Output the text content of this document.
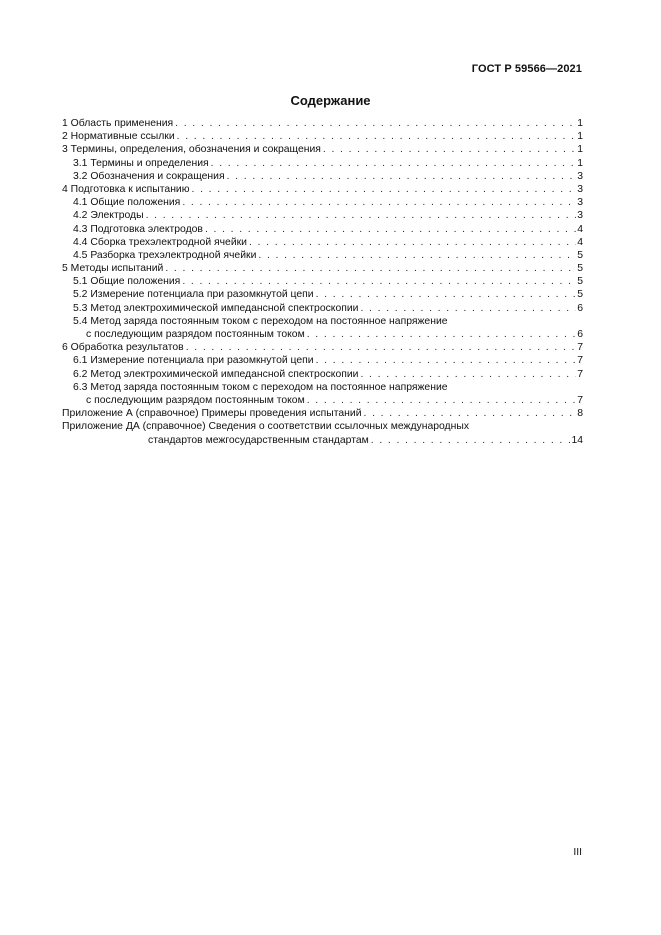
ГОСТ Р 59566—2021
Содержание
1 Область применения . . .	1
2 Нормативные ссылки . . .	1
3 Термины, определения, обозначения и сокращения . . .	1
3.1 Термины и определения . . .	1
3.2 Обозначения и сокращения . . .	3
4 Подготовка к испытанию . . .	3
4.1 Общие положения . . .	3
4.2 Электроды . . .	3
4.3 Подготовка электродов . . .	4
4.4 Сборка трехэлектродной ячейки . . .	4
4.5 Разборка трехэлектродной ячейки . . .	5
5 Методы испытаний . . .	5
5.1 Общие положения . . .	5
5.2 Измерение потенциала при разомкнутой цепи . . .	5
5.3 Метод электрохимической импедансной спектроскопии . . .	6
5.4 Метод заряда постоянным током с переходом на постоянное напряжение
с последующим разрядом постоянным током . . .	6
6 Обработка результатов . . .	7
6.1 Измерение потенциала при разомкнутой цепи . . .	7
6.2 Метод электрохимической импедансной спектроскопии . . .	7
6.3 Метод заряда постоянным током с переходом на постоянное напряжение
с последующим разрядом постоянным током . . .	7
Приложение А (справочное) Примеры проведения испытаний . . .	8
Приложение ДА (справочное) Сведения о соответствии ссылочных международных
стандартов межгосударственным стандартам . . .	14
III
